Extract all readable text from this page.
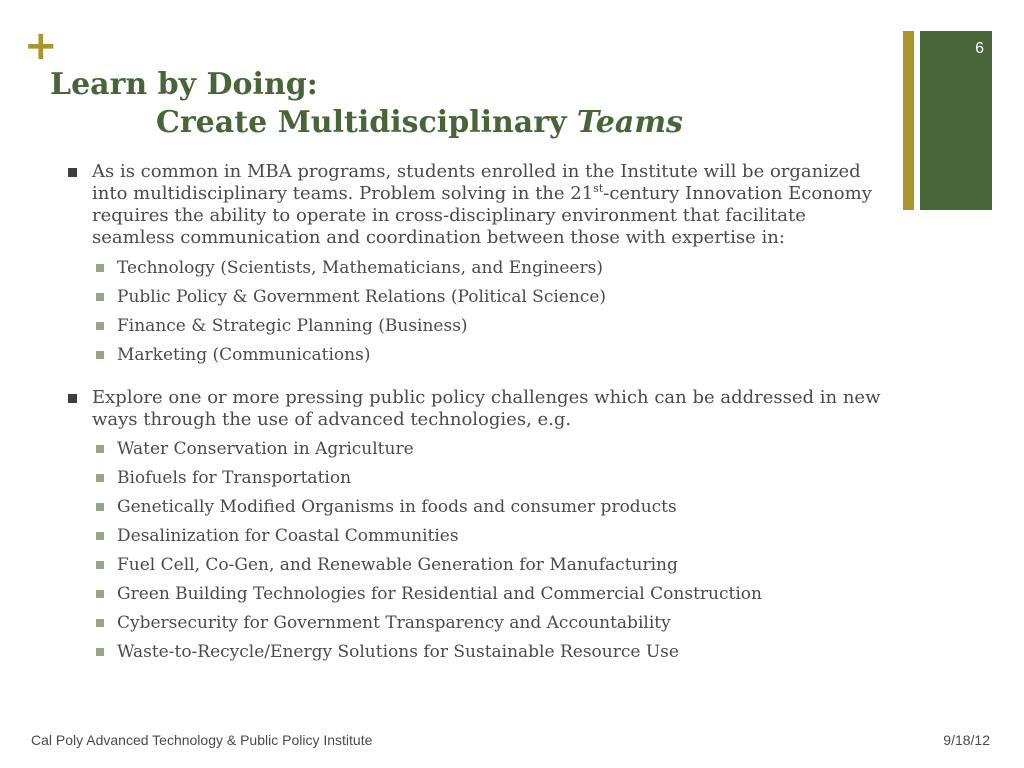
6
+
Learn by Doing:
Create Multidisciplinary Teams
As is common in MBA programs, students enrolled in the Institute will be organized into multidisciplinary teams. Problem solving in the 21st-century Innovation Economy requires the ability to operate in cross-disciplinary environment that facilitate seamless communication and coordination between those with expertise in:
Technology (Scientists, Mathematicians, and Engineers)
Public Policy & Government Relations (Political Science)
Finance & Strategic Planning (Business)
Marketing (Communications)
Explore one or more pressing public policy challenges which can be addressed in new ways through the use of advanced technologies, e.g.
Water Conservation in Agriculture
Biofuels for Transportation
Genetically Modified Organisms in foods and consumer products
Desalinization for Coastal Communities
Fuel Cell, Co-Gen, and Renewable Generation for Manufacturing
Green Building Technologies for Residential and Commercial Construction
Cybersecurity for Government Transparency and Accountability
Waste-to-Recycle/Energy Solutions for Sustainable Resource Use
Cal Poly Advanced Technology & Public Policy Institute	9/18/12
